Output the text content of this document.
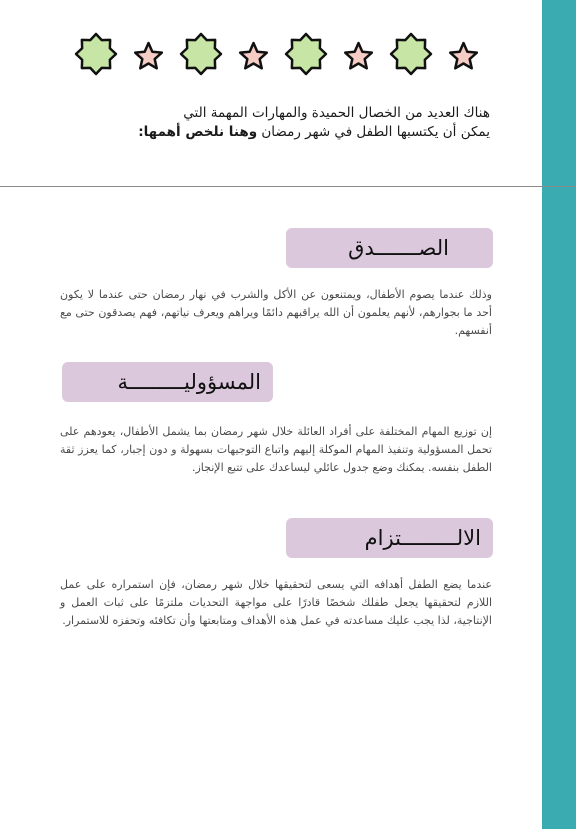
هناك العديد من الخصال الحميدة والمهارات المهمة التي
يمكن أن يكتسبها الطفل في شهر رمضان وهنا نلخص أهمها:
الصـــــــدق
وذلك عندما يصوم الأطفال، ويمتنعون عن الأكل والشرب في نهار رمضان حتى عندما لا يكون أحد ما بجوارهم، لأنهم يعلمون أن الله يراقبهم دائمًا ويراهم ويعرف نياتهم، فهم يصدقون حتى مع أنفسهم.
المسؤوليـــــــــة
إن توزيع المهام المختلفة على أفراد العائلة خلال شهر رمضان بما يشمل الأطفال، يعودهم على تحمل المسؤولية وتنفيذ المهام الموكلة إليهم واتباع التوجيهات بسهولة و دون إجبار، كما يعزز ثقة الطفل بنفسه. يمكنك وضع جدول عائلي ليساعدك على تتبع الإنجاز.
الالـــــــــتزام
عندما يضع الطفل أهدافه التي يسعى لتحقيقها خلال شهر رمضان، فإن استمراره على عمل اللازم لتحقيقها يجعل طفلك شخصًا قادرًا على مواجهة التحديات ملتزمًا على ثبات العمل و الإنتاجية، لذا يجب عليك مساعدته في عمل هذه الأهداف ومتابعتها وأن تكافئه وتحفزه للاستمرار.
